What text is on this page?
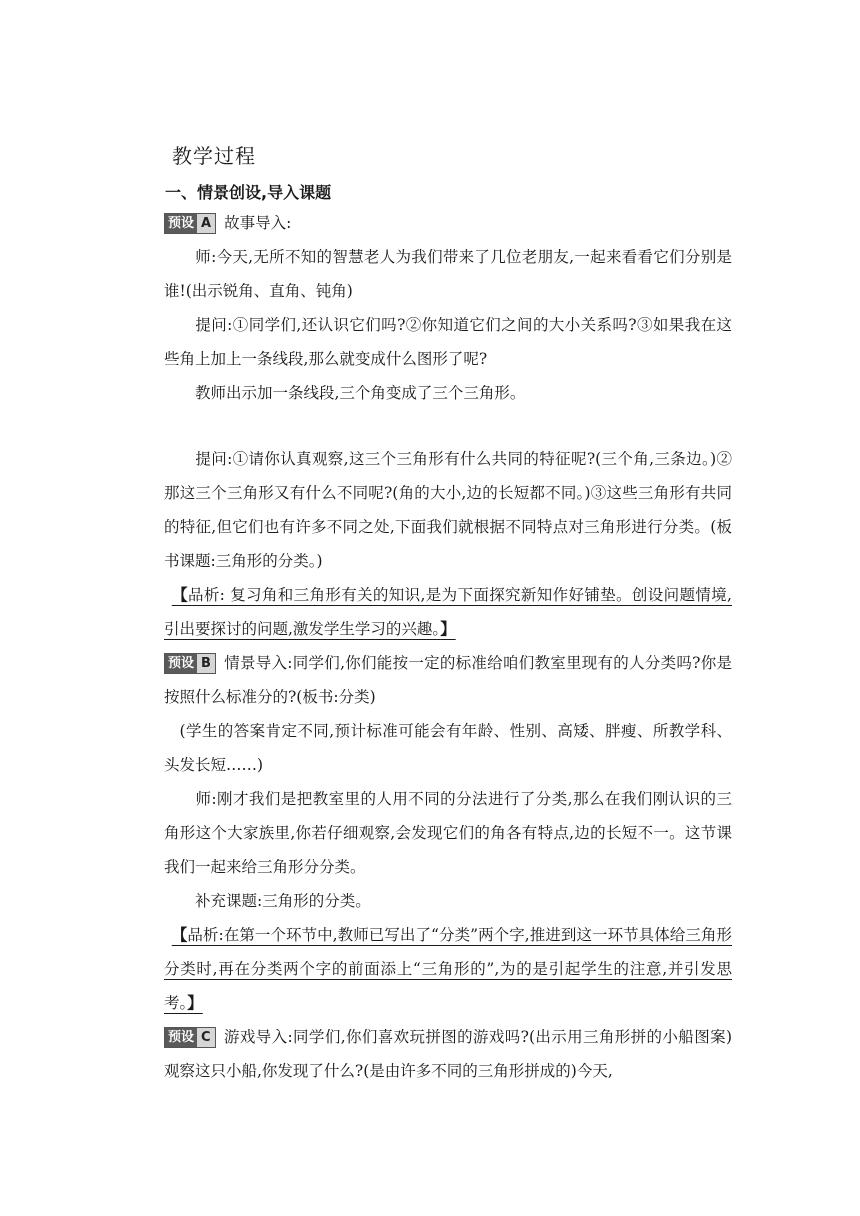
教学过程
一、情景创设,导入课题
预设 A 故事导入:
师:今天,无所不知的智慧老人为我们带来了几位老朋友,一起来看看它们分别是谁!(出示锐角、直角、钝角)
提问:①同学们,还认识它们吗?②你知道它们之间的大小关系吗?③如果我在这些角上加上一条线段,那么就变成什么图形了呢?
教师出示加一条线段,三个角变成了三个三角形。
提问:①请你认真观察,这三个三角形有什么共同的特征呢?(三个角,三条边。)②那这三个三角形又有什么不同呢?(角的大小,边的长短都不同。)③这些三角形有共同的特征,但它们也有许多不同之处,下面我们就根据不同特点对三角形进行分类。(板书课题:三角形的分类。)
【品析: 复习角和三角形有关的知识,是为下面探究新知作好铺垫。创设问题情境,引出要探讨的问题,激发学生学习的兴趣。】
预设 B 情景导入:同学们,你们能按一定的标准给咱们教室里现有的人分类吗?你是按照什么标准分的?(板书:分类)
(学生的答案肯定不同,预计标准可能会有年龄、性别、高矮、胖瘦、所教学科、头发长短……)
师:刚才我们是把教室里的人用不同的分法进行了分类,那么在我们刚认识的三角形这个大家族里,你若仔细观察,会发现它们的角各有特点,边的长短不一。这节课我们一起来给三角形分分类。
补充课题:三角形的分类。
【品析:在第一个环节中,教师已写出了“分类”两个字,推进到这一环节具体给三角形分类时,再在分类两个字的前面添上“三角形的”,为的是引起学生的注意,并引发思考。】
预设 C 游戏导入:同学们,你们喜欢玩拼图的游戏吗?(出示用三角形拼的小船图案)观察这只小船,你发现了什么?(是由许多不同的三角形拼成的)今天,
